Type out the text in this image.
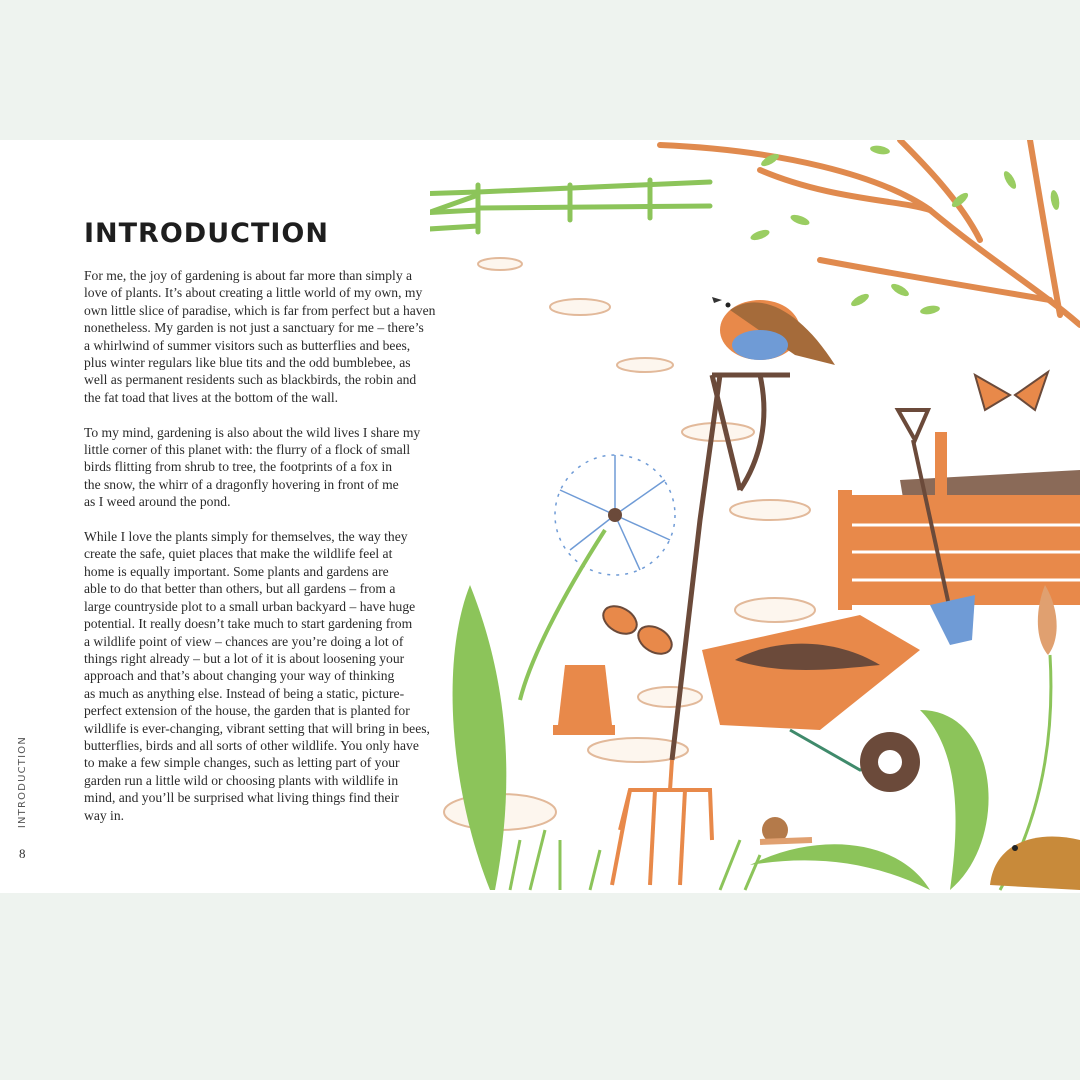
INTRODUCTION

For me, the joy of gardening is about far more than simply a
love of plants. It’s about creating a little world of my own, my
own little slice of paradise, which is far from perfect but a haven
nonetheless. My garden is not just a sanctuary for me – there’s
a whirlwind of summer visitors such as butterflies and bees,
plus winter regulars like blue tits and the odd bumblebee, as
well as permanent residents such as blackbirds, the robin and
the fat toad that lives at the bottom of the wall.

To my mind, gardening is also about the wild lives I share my
little corner of this planet with: the flurry of a flock of small
birds flitting from shrub to tree, the footprints of a fox in
the snow, the whirr of a dragonfly hovering in front of me
as I weed around the pond.

While I love the plants simply for themselves, the way they
create the safe, quiet places that make the wildlife feel at
home is equally important. Some plants and gardens are
able to do that better than others, but all gardens – from a
large countryside plot to a small urban backyard – have huge
potential. It really doesn’t take much to start gardening from
a wildlife point of view – chances are you’re doing a lot of
things right already – but a lot of it is about loosening your
approach and that’s about changing your way of thinking
as much as anything else. Instead of being a static, picture-
perfect extension of the house, the garden that is planted for
wildlife is ever-changing, vibrant setting that will bring in bees,
butterflies, birds and all sorts of other wildlife. You only have
to make a few simple changes, such as letting part of your
garden run a little wild or choosing plants with wildlife in
mind, and you’ll be surprised what living things find their
way in.

INTRODUCTION
8
